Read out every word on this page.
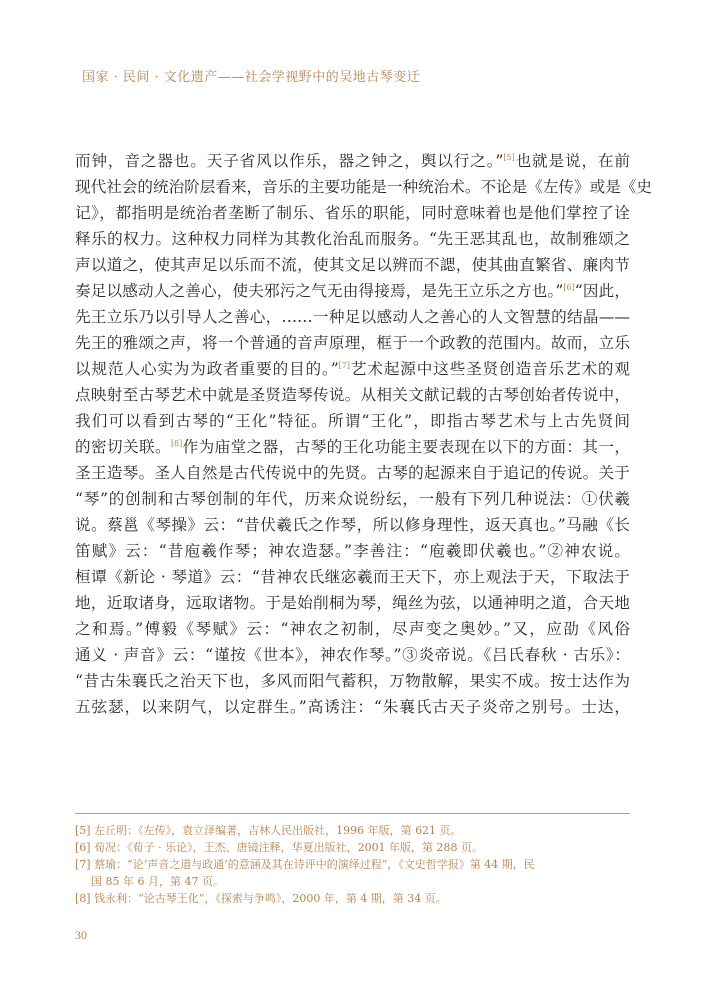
国家 · 民间 · 文化遗产——社会学视野中的吴地古琴变迁
而钟，音之器也。天子省风以作乐，器之钟之，舆以行之。”[5]也就是说，在前
现代社会的统治阶层看来，音乐的主要功能是一种统治术。不论是《左传》或是《史
记》，都指明是统治者垄断了制乐、省乐的职能，同时意味着也是他们掌控了诠
释乐的权力。这种权力同样为其教化治乱而服务。“先王恶其乱也，故制雅颂之
声以道之，使其声足以乐而不流，使其文足以辨而不諰，使其曲直繁省、廉肉节
奏足以感动人之善心，使夫邪污之气无由得接焉，是先王立乐之方也。”[6]“因此，
先王立乐乃以引导人之善心，……一种足以感动人之善心的人文智慧的结晶——
先王的雅颂之声，将一个普通的音声原理，框于一个政教的范围内。故而，立乐
以规范人心实为为政者重要的目的。”[7]艺术起源中这些圣贤创造音乐艺术的观
点映射至古琴艺术中就是圣贤造琴传说。从相关文献记载的古琴创始者传说中，
我们可以看到古琴的“王化”特征。所谓“王化”，即指古琴艺术与上古先贤间
的密切关联。[8]作为庙堂之器，古琴的王化功能主要表现在以下的方面：其一，
圣王造琴。圣人自然是古代传说中的先贤。古琴的起源来自于追记的传说。关于
“琴”的创制和古琴创制的年代，历来众说纷纭，一般有下列几种说法：①伏羲
说。蔡邕《琴操》云：“昔伏羲氏之作琴，所以修身理性，返天真也。”马融《长
笛赋》云：“昔庖羲作琴；神农造瑟。”李善注：“庖羲即伏羲也。”②神农说。
桓谭《新论 · 琴道》云：“昔神农氏继宓羲而王天下，亦上观法于天，下取法于
地，近取诸身，远取诸物。于是始削桐为琴，绳丝为弦，以通神明之道，合天地
之和焉。”傅毅《琴赋》云：“神农之初制，尽声变之奥妙。”又，应劭《风俗
通义 · 声音》云：“谨按《世本》，神农作琴。”③炎帝说。《吕氏春秋 · 古乐》：
“昔古朱襄氏之治天下也，多风而阳气蓄积，万物散解，果实不成。按士达作为
五弦瑟，以来阴气，以定群生。”高诱注：“朱襄氏古天子炎帝之别号。士达，
[5] 左丘明：《左传》，袁立泽编著，吉林人民出版社，1996 年版，第 621 页。
[6] 荀况：《荀子 · 乐论》，王杰、唐镜注释，华夏出版社，2001 年版，第 288 页。
[7] 蔡瑜：“论‘声音之道与政通’的意涵及其在诗评中的演绎过程”，《文史哲学报》第 44 期，民
国 85 年 6 月，第 47 页。
[8] 钱永利：“论古琴王化”，《探索与争鸣》，2000 年，第 4 期，第 34 页。
30
